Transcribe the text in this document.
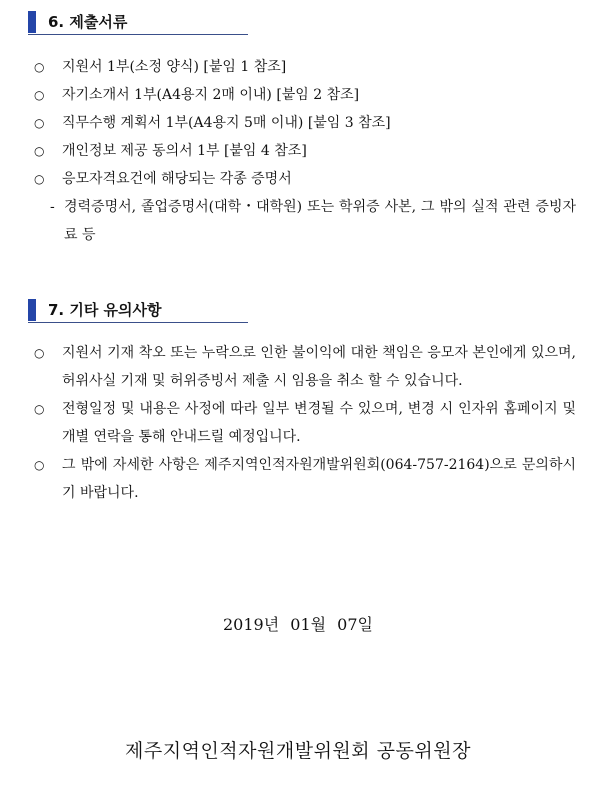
6. 제출서류
○ 지원서 1부(소정 양식) [붙임 1 참조]
○ 자기소개서 1부(A4용지 2매 이내) [붙임 2 참조]
○ 직무수행 계획서 1부(A4용지 5매 이내) [붙임 3 참조]
○ 개인정보 제공 동의서 1부 [붙임 4 참조]
○ 응모자격요건에 해당되는 각종 증명서
- 경력증명서, 졸업증명서(대학・대학원) 또는 학위증 사본, 그 밖의 실적 관련 증빙자료 등
7. 기타 유의사항
○ 지원서 기재 착오 또는 누락으로 인한 불이익에 대한 책임은 응모자 본인에게 있으며, 허위사실 기재 및 허위증빙서 제출 시 임용을 취소 할 수 있습니다.
○ 전형일정 및 내용은 사정에 따라 일부 변경될 수 있으며, 변경 시 인자위 홈페이지 및 개별 연락을 통해 안내드릴 예정입니다.
○ 그 밖에 자세한 사항은 제주지역인적자원개발위원회(064-757-2164)으로 문의하시기 바랍니다.
2019년 01월 07일
제주지역인적자원개발위원회 공동위원장
